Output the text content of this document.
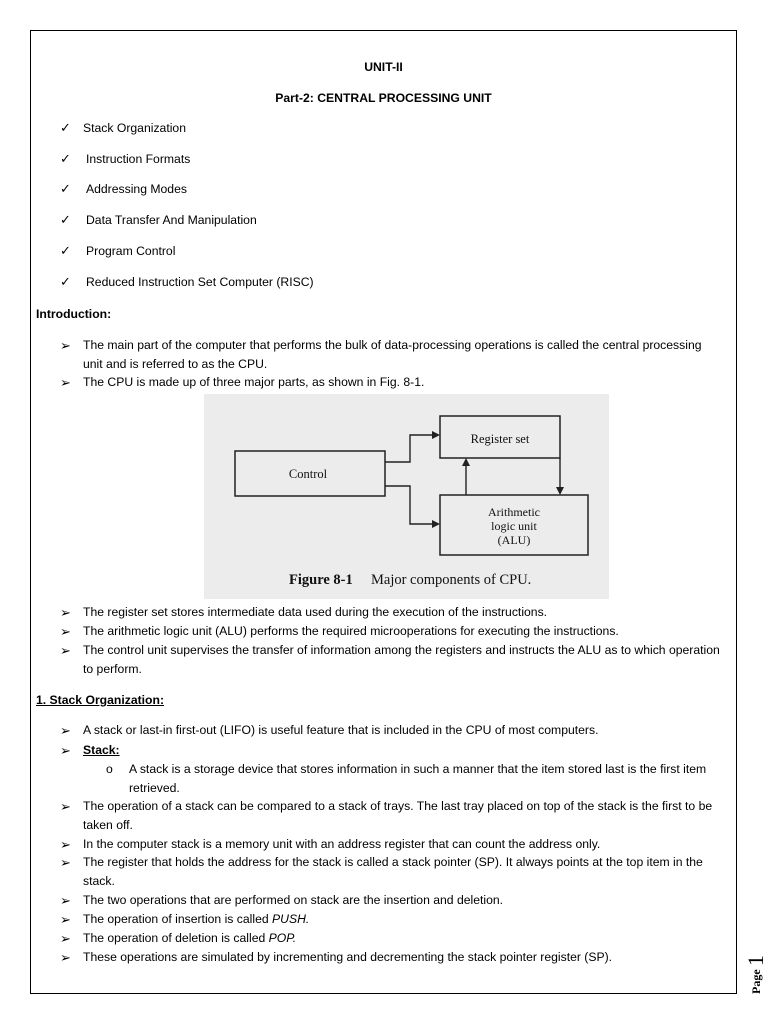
UNIT-II
Part-2: CENTRAL PROCESSING UNIT
✓ Stack Organization
✓ Instruction Formats
✓ Addressing Modes
✓ Data Transfer And Manipulation
✓ Program Control
✓ Reduced Instruction Set Computer (RISC)
Introduction:
➢ The main part of the computer that performs the bulk of data-processing operations is called the central processing unit and is referred to as the CPU.
➢ The CPU is made up of three major parts, as shown in Fig. 8-1.
Register set
Control
Arithmetic
logic unit
(ALU)
Figure 8-1 Major components of CPU.
➢ The register set stores intermediate data used during the execution of the instructions.
➢ The arithmetic logic unit (ALU) performs the required microoperations for executing the instructions.
➢ The control unit supervises the transfer of information among the registers and instructs the ALU as to which operation to perform.
1. Stack Organization:
➢ A stack or last-in first-out (LIFO) is useful feature that is included in the CPU of most computers.
➢ Stack:
o A stack is a storage device that stores information in such a manner that the item stored last is the first item retrieved.
➢ The operation of a stack can be compared to a stack of trays. The last tray placed on top of the stack is the first to be taken off.
➢ In the computer stack is a memory unit with an address register that can count the address only.
➢ The register that holds the address for the stack is called a stack pointer (SP). It always points at the top item in the stack.
➢ The two operations that are performed on stack are the insertion and deletion.
➢ The operation of insertion is called PUSH.
➢ The operation of deletion is called POP.
➢ These operations are simulated by incrementing and decrementing the stack pointer register (SP).
Page
1
